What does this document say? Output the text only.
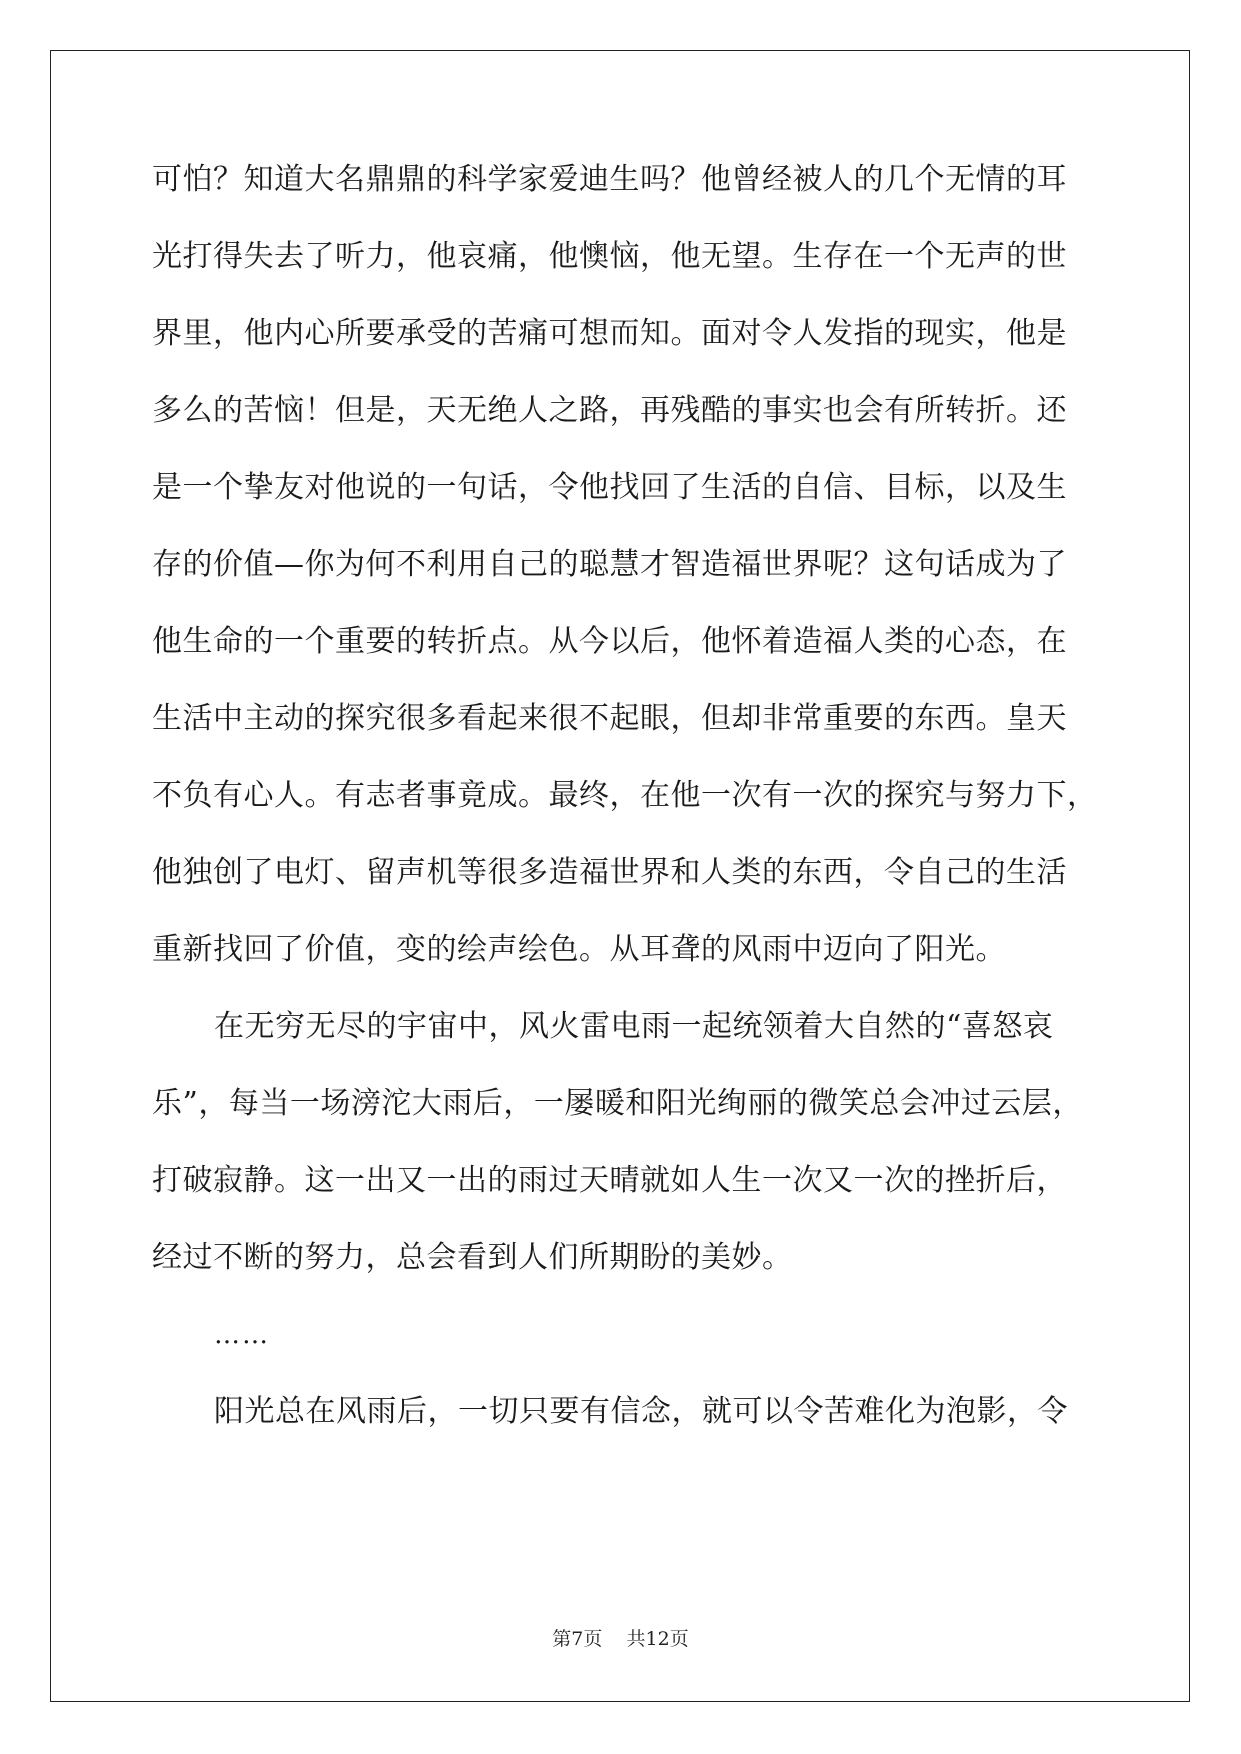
可怕？知道大名鼎鼎的科学家爱迪生吗？他曾经被人的几个无情的耳
光打得失去了听力，他哀痛，他懊恼，他无望。生存在一个无声的世
界里，他内心所要承受的苦痛可想而知。面对令人发指的现实，他是
多么的苦恼！但是，天无绝人之路，再残酷的事实也会有所转折。还
是一个挚友对他说的一句话，令他找回了生活的自信、目标，以及生
存的价值—你为何不利用自己的聪慧才智造福世界呢？这句话成为了
他生命的一个重要的转折点。从今以后，他怀着造福人类的心态，在
生活中主动的探究很多看起来很不起眼，但却非常重要的东西。皇天
不负有心人。有志者事竟成。最终，在他一次有一次的探究与努力下，
他独创了电灯、留声机等很多造福世界和人类的东西，令自己的生活
重新找回了价值，变的绘声绘色。从耳聋的风雨中迈向了阳光。
在无穷无尽的宇宙中，风火雷电雨一起统领着大自然的“喜怒哀
乐”，每当一场滂沱大雨后，一屡暖和阳光绚丽的微笑总会冲过云层，
打破寂静。这一出又一出的雨过天晴就如人生一次又一次的挫折后，
经过不断的努力，总会看到人们所期盼的美妙。
……
阳光总在风雨后，一切只要有信念，就可以令苦难化为泡影，令
第7页    共12页
